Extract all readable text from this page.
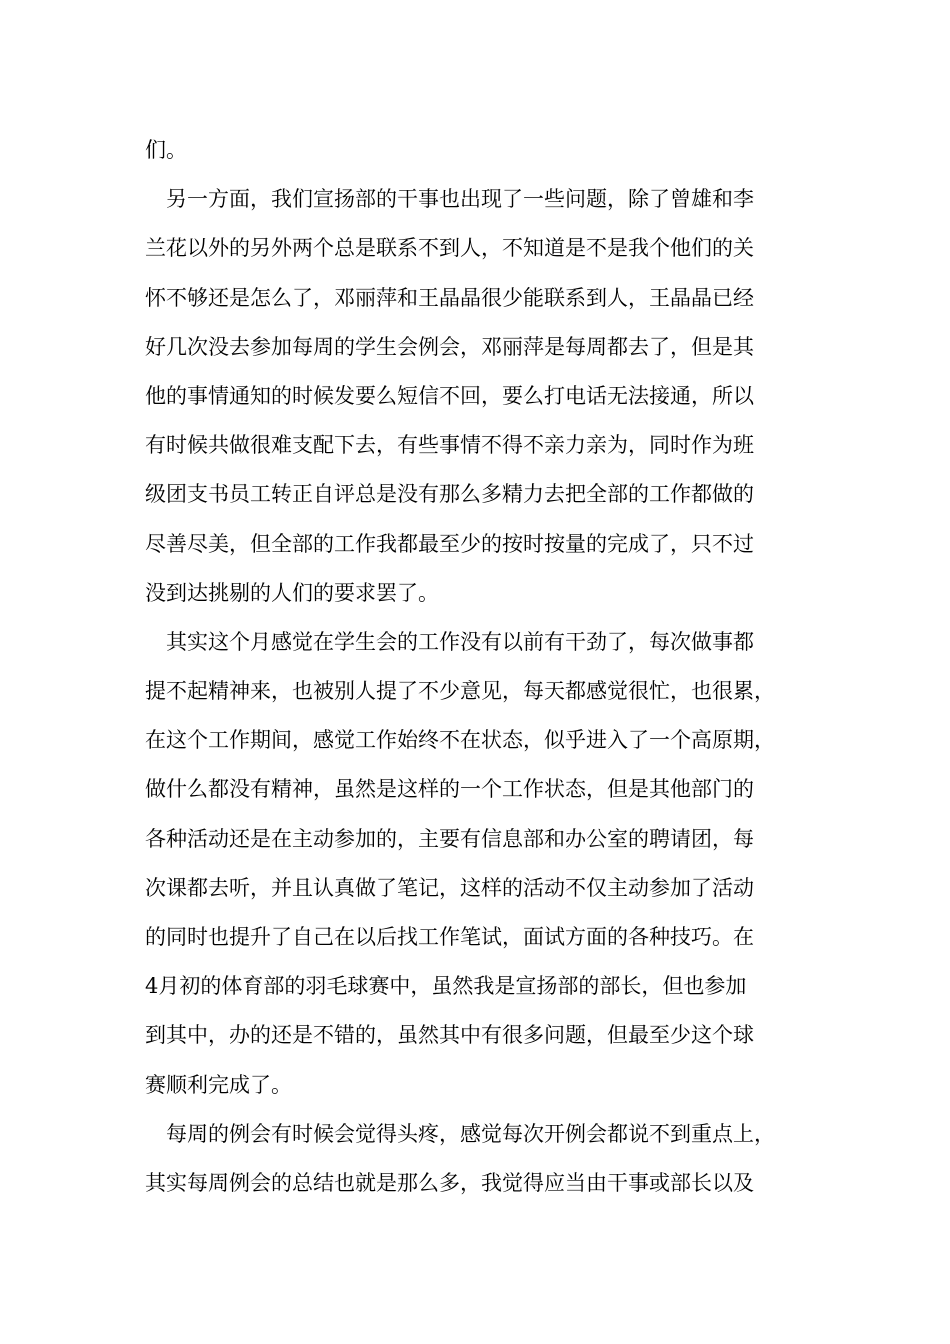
们。
另一方面，我们宣扬部的干事也出现了一些问题，除了曾雄和李
兰花以外的另外两个总是联系不到人，不知道是不是我个他们的关
怀不够还是怎么了，邓丽萍和王晶晶很少能联系到人，王晶晶已经
好几次没去参加每周的学生会例会，邓丽萍是每周都去了，但是其
他的事情通知的时候发要么短信不回，要么打电话无法接通，所以
有时候共做很难支配下去，有些事情不得不亲力亲为，同时作为班
级团支书员工转正自评总是没有那么多精力去把全部的工作都做的
尽善尽美，但全部的工作我都最至少的按时按量的完成了，只不过
没到达挑剔的人们的要求罢了。
其实这个月感觉在学生会的工作没有以前有干劲了，每次做事都
提不起精神来，也被别人提了不少意见，每天都感觉很忙，也很累，
在这个工作期间，感觉工作始终不在状态，似乎进入了一个高原期，
做什么都没有精神，虽然是这样的一个工作状态，但是其他部门的
各种活动还是在主动参加的，主要有信息部和办公室的聘请团，每
次课都去听，并且认真做了笔记，这样的活动不仅主动参加了活动
的同时也提升了自己在以后找工作笔试，面试方面的各种技巧。在
4月初的体育部的羽毛球赛中，虽然我是宣扬部的部长，但也参加
到其中，办的还是不错的，虽然其中有很多问题，但最至少这个球
赛顺利完成了。
每周的例会有时候会觉得头疼，感觉每次开例会都说不到重点上，
其实每周例会的总结也就是那么多，我觉得应当由干事或部长以及
